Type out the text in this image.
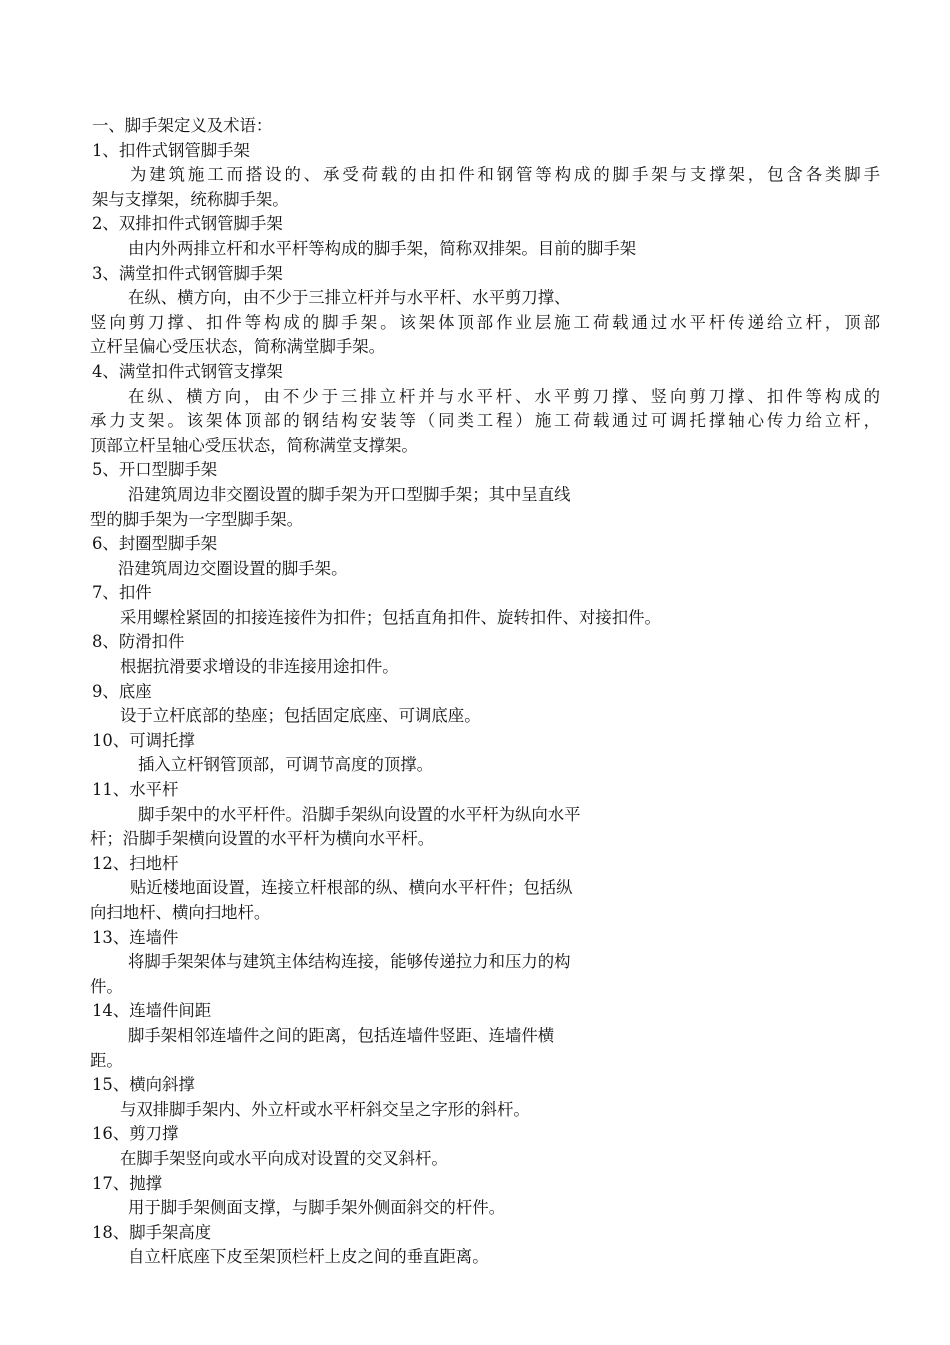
一、脚手架定义及术语：
1、扣件式钢管脚手架
为建筑施工而搭设的、承受荷载的由扣件和钢管等构成的脚手架与支撑架，包含各类脚手
架与支撑架，统称脚手架。
2、双排扣件式钢管脚手架
由内外两排立杆和水平杆等构成的脚手架，简称双排架。目前的脚手架
3、满堂扣件式钢管脚手架
在纵、横方向，由不少于三排立杆并与水平杆、水平剪刀撑、
竖向剪刀撑、扣件等构成的脚手架。该架体顶部作业层施工荷载通过水平杆传递给立杆，顶部
立杆呈偏心受压状态，简称满堂脚手架。
4、满堂扣件式钢管支撑架
在纵、横方向，由不少于三排立杆并与水平杆、水平剪刀撑、竖向剪刀撑、扣件等构成的
承力支架。该架体顶部的钢结构安装等（同类工程）施工荷载通过可调托撑轴心传力给立杆，
顶部立杆呈轴心受压状态，简称满堂支撑架。
5、开口型脚手架
沿建筑周边非交圈设置的脚手架为开口型脚手架；其中呈直线
型的脚手架为一字型脚手架。
6、封圈型脚手架
沿建筑周边交圈设置的脚手架。
7、扣件
采用螺栓紧固的扣接连接件为扣件；包括直角扣件、旋转扣件、对接扣件。
8、防滑扣件
根据抗滑要求增设的非连接用途扣件。
9、底座
设于立杆底部的垫座；包括固定底座、可调底座。
10、可调托撑
插入立杆钢管顶部，可调节高度的顶撑。
11、水平杆
脚手架中的水平杆件。沿脚手架纵向设置的水平杆为纵向水平
杆；沿脚手架横向设置的水平杆为横向水平杆。
12、扫地杆
贴近楼地面设置，连接立杆根部的纵、横向水平杆件；包括纵
向扫地杆、横向扫地杆。
13、连墙件
将脚手架架体与建筑主体结构连接，能够传递拉力和压力的构
件。
14、连墙件间距
脚手架相邻连墙件之间的距离，包括连墙件竖距、连墙件横
距。
15、横向斜撑
与双排脚手架内、外立杆或水平杆斜交呈之字形的斜杆。
16、剪刀撑
在脚手架竖向或水平向成对设置的交叉斜杆。
17、抛撑
用于脚手架侧面支撑，与脚手架外侧面斜交的杆件。
18、脚手架高度
自立杆底座下皮至架顶栏杆上皮之间的垂直距离。
